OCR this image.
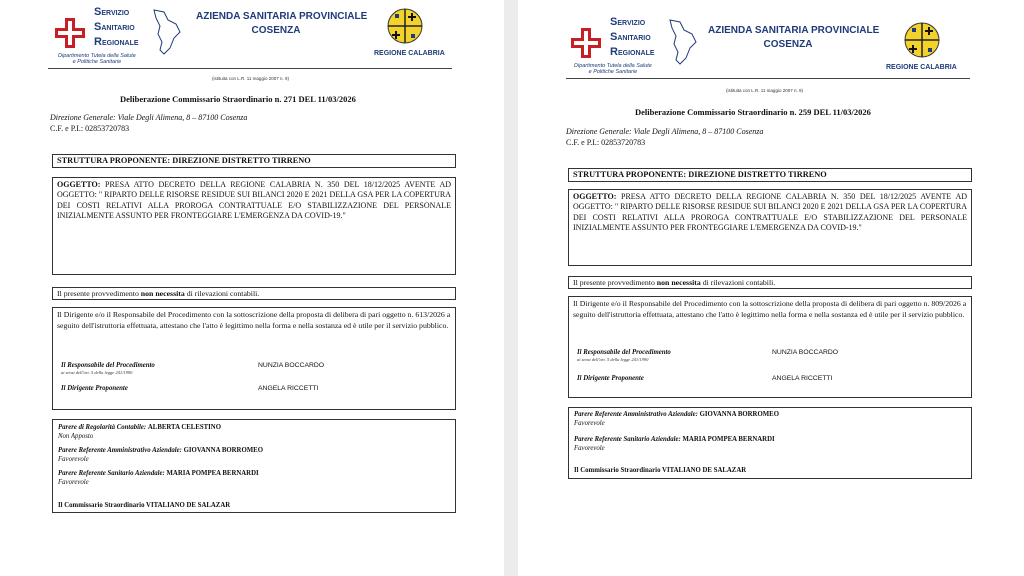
SERVIZIO
SANITARIO
REGIONALE
Dipartimento Tutela della Salute
e Politiche Sanitarie
AZIENDA SANITARIA PROVINCIALE
COSENZA
REGIONE CALABRIA
(istituita con L.R. 11 maggio 2007 n. 9)
Deliberazione Commissario Straordinario n. 271 DEL 11/03/2026
Direzione Generale: Viale Degli Alimena, 8 – 87100 Cosenza
C.F. e P.I.: 02853720783
STRUTTURA PROPONENTE: DIREZIONE DISTRETTO TIRRENO
OGGETTO: PRESA ATTO DECRETO DELLA REGIONE CALABRIA N. 350 DEL 18/12/2025 AVENTE AD OGGETTO: " RIPARTO DELLE RISORSE RESIDUE SUI BILANCI 2020 E 2021 DELLA GSA PER LA COPERTURA DEI COSTI RELATIVI ALLA PROROGA CONTRATTUALE E/O STABILIZZAZIONE DEL PERSONALE INIZIALMENTE ASSUNTO PER FRONTEGGIARE L'EMERGENZA DA COVID-19."
Il presente provvedimento non necessita di rilevazioni contabili.
Il Dirigente e/o il Responsabile del Procedimento con la sottoscrizione della proposta di delibera di pari oggetto n. 613/2026 a seguito dell'istruttoria effettuata, attestano che l'atto è legittimo nella forma e nella sostanza ed è utile per il servizio pubblico.
Il Responsabile del Procedimento
ai sensi dell'art. 5 della legge 241/1990
NUNZIA BOCCARDO
Il Dirigente Proponente	ANGELA RICCETTI
Parere di Regolarità Contabile: ALBERTA CELESTINO
Non Apposto
Parere Referente Amministrativo Aziendale: GIOVANNA BORROMEO
Favorevole
Parere Referente Sanitario Aziendale: MARIA POMPEA BERNARDI
Favorevole
Il Commissario Straordinario VITALIANO DE SALAZAR
SERVIZIO
SANITARIO
REGIONALE
Dipartimento Tutela della Salute
e Politiche Sanitarie
AZIENDA SANITARIA PROVINCIALE
COSENZA
REGIONE CALABRIA
(istituita con L.R. 11 maggio 2007 n. 9)
Deliberazione Commissario Straordinario n. 259 DEL 11/03/2026
Direzione Generale: Viale Degli Alimena, 8 – 87100 Cosenza
C.F. e P.I.: 02853720783
STRUTTURA PROPONENTE: DIREZIONE DISTRETTO TIRRENO
OGGETTO: PRESA ATTO DECRETO DELLA REGIONE CALABRIA N. 350 DEL 18/12/2025 AVENTE AD OGGETTO: " RIPARTO DELLE RISORSE RESIDUE SUI BILANCI 2020 E 2021 DELLA GSA PER LA COPERTURA DEI COSTI RELATIVI ALLA PROROGA CONTRATTUALE E/O STABILIZZAZIONE DEL PERSONALE INIZIALMENTE ASSUNTO PER FRONTEGGIARE L'EMERGENZA DA COVID-19."
Il presente provvedimento non necessita di rilevazioni contabili.
Il Dirigente e/o il Responsabile del Procedimento con la sottoscrizione della proposta di delibera di pari oggetto n. 809/2026 a seguito dell'istruttoria effettuata, attestano che l'atto è legittimo nella forma e nella sostanza ed è utile per il servizio pubblico.
Il Responsabile del Procedimento
ai sensi dell'art. 5 della legge 241/1990
NUNZIA BOCCARDO
Il Dirigente Proponente	ANGELA RICCETTI
Parere Referente Amministrativo Aziendale: GIOVANNA BORROMEO
Favorevole
Parere Referente Sanitario Aziendale: MARIA POMPEA BERNARDI
Favorevole
Il Commissario Straordinario VITALIANO DE SALAZAR
